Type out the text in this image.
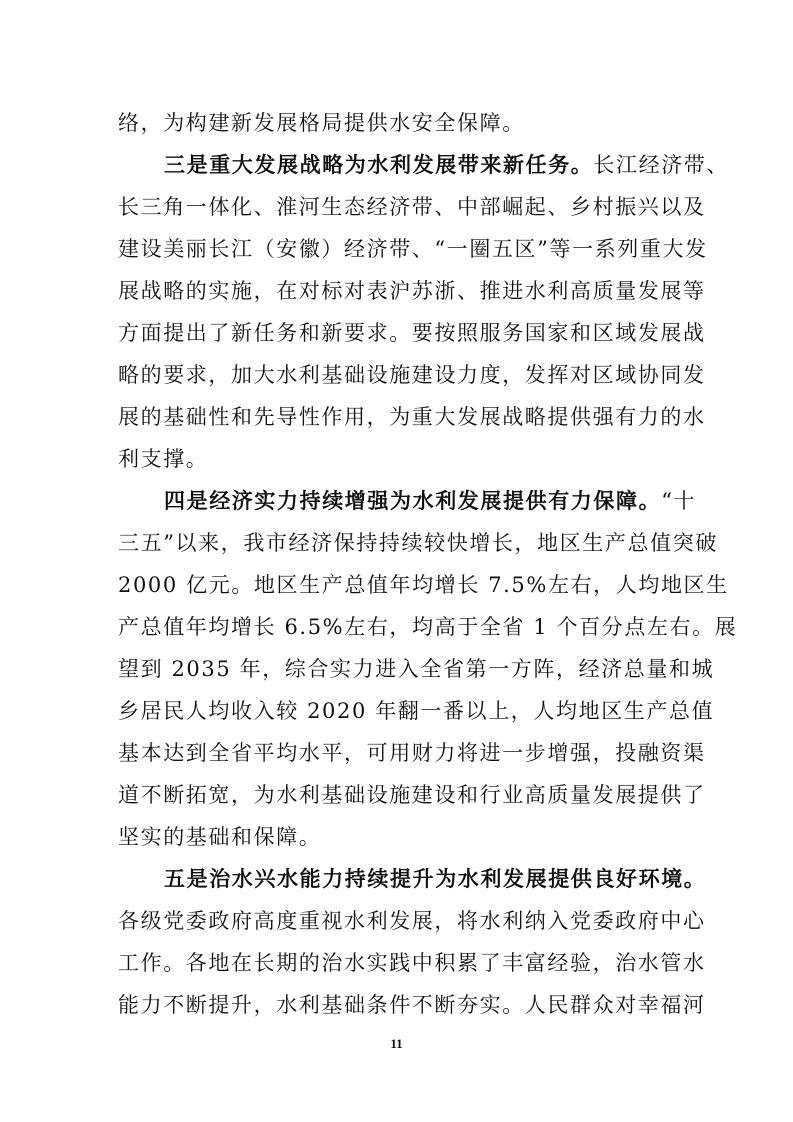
络，为构建新发展格局提供水安全保障。
三是重大发展战略为水利发展带来新任务。长江经济带、
长三角一体化、淮河生态经济带、中部崛起、乡村振兴以及
建设美丽长江（安徽）经济带、“一圈五区”等一系列重大发
展战略的实施，在对标对表沪苏浙、推进水利高质量发展等
方面提出了新任务和新要求。要按照服务国家和区域发展战
略的要求，加大水利基础设施建设力度，发挥对区域协同发
展的基础性和先导性作用，为重大发展战略提供强有力的水
利支撑。
四是经济实力持续增强为水利发展提供有力保障。“十
三五”以来，我市经济保持持续较快增长，地区生产总值突破
2000 亿元。地区生产总值年均增长 7.5%左右，人均地区生
产总值年均增长 6.5%左右，均高于全省 1 个百分点左右。展
望到 2035 年，综合实力进入全省第一方阵，经济总量和城
乡居民人均收入较 2020 年翻一番以上，人均地区生产总值
基本达到全省平均水平，可用财力将进一步增强，投融资渠
道不断拓宽，为水利基础设施建设和行业高质量发展提供了
坚实的基础和保障。
五是治水兴水能力持续提升为水利发展提供良好环境。
各级党委政府高度重视水利发展，将水利纳入党委政府中心
工作。各地在长期的治水实践中积累了丰富经验，治水管水
能力不断提升，水利基础条件不断夯实。人民群众对幸福河
11
